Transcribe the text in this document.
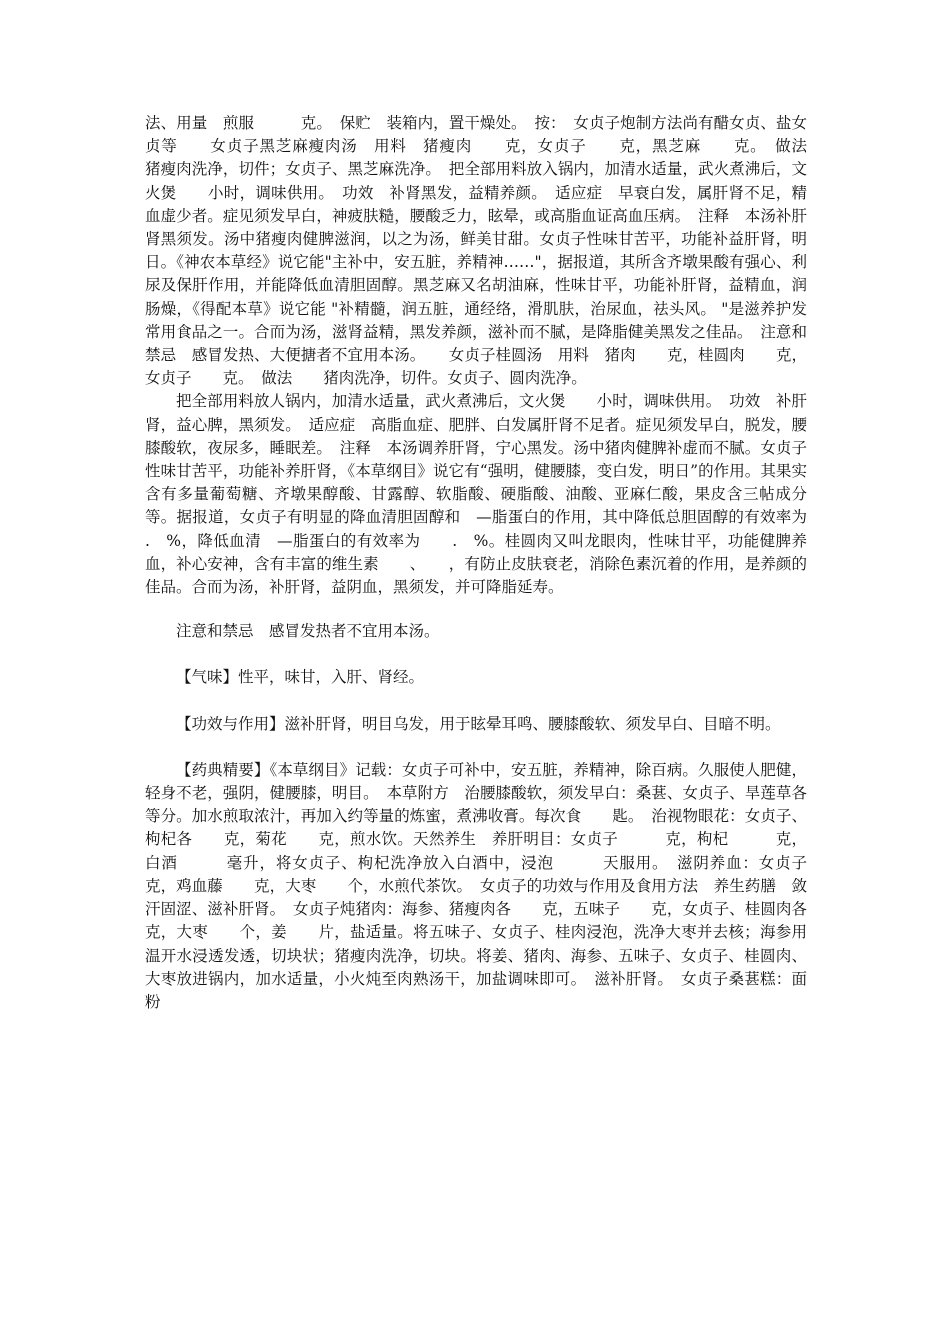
法、用量　煎服　　　克。　保贮　装箱内，置干燥处。　按：　女贞子炮制方法尚有醋女贞、盐女贞等　　女贞子黑芝麻瘦肉汤　用料　猪瘦肉　　克，女贞子　　克，黑芝麻　　克。　做法　　猪瘦肉洗净，切件；女贞子、黑芝麻洗净。　把全部用料放入锅内，加清水适量，武火煮沸后，文火煲　　小时，调味供用。　功效　补肾黑发，益精养颜。　适应症　早衰白发，属肝肾不足，精血虚少者。症见须发早白，神疲肤糙，腰酸乏力，眩晕，或高脂血证高血压病。　注释　本汤补肝肾黑须发。汤中猪瘦肉健脾滋润，以之为汤，鲜美甘甜。女贞子性味甘苦平，功能补益肝肾，明日。《神农本草经》说它能"主补中，安五脏，养精神……"，据报道，其所含齐墩果酸有强心、利尿及保肝作用，并能降低血清胆固醇。黑芝麻又名胡油麻，性味甘平，功能补肝肾，益精血，润肠燥，《得配本草》说它能 "补精髓，润五脏，通经络，滑肌肤，治尿血，祛头风。 "是滋养护发常用食品之一。合而为汤，滋肾益精，黑发养颜，滋补而不腻，是降脂健美黑发之佳品。　注意和禁忌　感冒发热、大便搪者不宜用本汤。　　女贞子桂圆汤　用料　猪肉　　克，桂圆肉　　克，女贞子　　克。　做法　　猪肉洗净，切件。女贞子、圆肉洗净。

把全部用料放人锅内，加清水适量，武火煮沸后，文火煲　　小时，调味供用。　功效　补肝肾，益心脾，黑须发。　适应症　高脂血症、肥胖、白发属肝肾不足者。症见须发早白，脱发，腰膝酸软，夜尿多，睡眠差。　注释　本汤调养肝肾，宁心黑发。汤中猪肉健脾补虚而不腻。女贞子性味甘苦平，功能补养肝肾，《本草纲目》说它有“强明，健腰膝，变白发，明日”的作用。其果实含有多量葡萄糖、齐墩果醇酸、甘露醇、软脂酸、硬脂酸、油酸、亚麻仁酸，果皮含三帖成分等。据报道，女贞子有明显的降血清胆固醇和　—脂蛋白的作用，其中降低总胆固醇的有效率为　　.　%，降低血清　—脂蛋白的有效率为　　.　%。桂圆肉又叫龙眼肉，性味甘平，功能健脾养血，补心安神，含有丰富的维生素　　、　　，有防止皮肤衰老，消除色素沉着的作用，是养颜的佳品。合而为汤，补肝肾，益阴血，黑须发，并可降脂延寿。

注意和禁忌　感冒发热者不宜用本汤。

【气味】性平，味甘，入肝、肾经。

【功效与作用】滋补肝肾，明目乌发，用于眩晕耳鸣、腰膝酸软、须发早白、目暗不明。

【药典精要】《本草纲目》记载：女贞子可补中，安五脏，养精神，除百病。久服使人肥健，轻身不老，强阴，健腰膝，明目。　本草附方　治腰膝酸软，须发早白：桑葚、女贞子、旱莲草各等分。加水煎取浓汁，再加入约等量的炼蜜，煮沸收膏。每次食　　匙。　治视物眼花：女贞子、枸杞各　　克，菊花　　克，煎水饮。天然养生　养肝明目：女贞子　　　克，枸杞　　　克，白酒　　　毫升，将女贞子、枸杞洗净放入白酒中，浸泡　　　天服用。　滋阴养血：女贞子　　克，鸡血藤　　克，大枣　　个，水煎代茶饮。　女贞子的功效与作用及食用方法　养生药膳　敛汗固涩、滋补肝肾。　女贞子炖猪肉：海参、猪瘦肉各　　克，五味子　　克，女贞子、桂圆肉各　　克，大枣　　个，姜　　片，盐适量。将五味子、女贞子、桂肉浸泡，洗净大枣并去核；海参用温开水浸透发透，切块状；猪瘦肉洗净，切块。将姜、猪肉、海参、五味子、女贞子、桂圆肉、大枣放进锅内，加水适量，小火炖至肉熟汤干，加盐调味即可。　滋补肝肾。　女贞子桑葚糕：面粉
